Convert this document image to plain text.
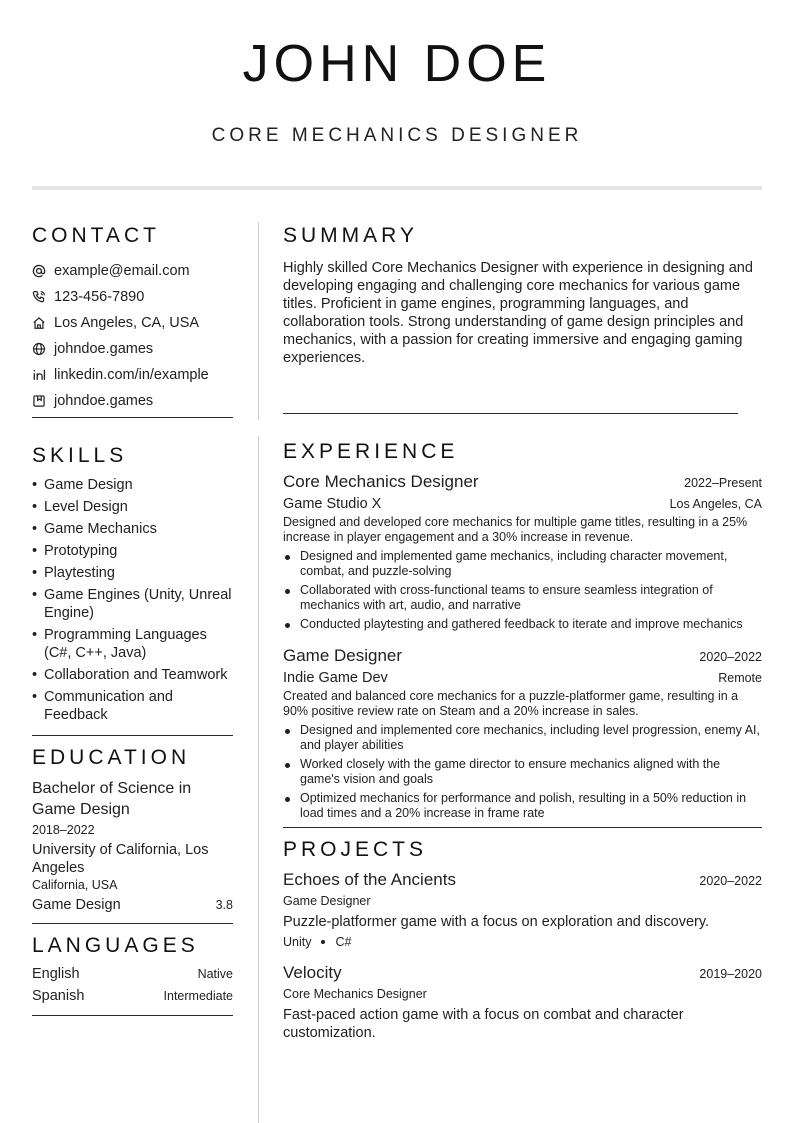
JOHN DOE
CORE MECHANICS DESIGNER
CONTACT
example@email.com
123-456-7890
Los Angeles, CA, USA
johndoe.games
linkedin.com/in/example
johndoe.games
SKILLS
• Game Design
• Level Design
• Game Mechanics
• Prototyping
• Playtesting
• Game Engines (Unity, Unreal Engine)
• Programming Languages (C#, C++, Java)
• Collaboration and Teamwork
• Communication and Feedback
EDUCATION
Bachelor of Science in Game Design
2018–2022
University of California, Los Angeles
California, USA
Game Design	3.8
LANGUAGES
English	Native
Spanish	Intermediate
SUMMARY
Highly skilled Core Mechanics Designer with experience in designing and developing engaging and challenging core mechanics for various game titles. Proficient in game engines, programming languages, and collaboration tools. Strong understanding of game design principles and mechanics, with a passion for creating immersive and engaging gaming experiences.
EXPERIENCE
Core Mechanics Designer	2022–Present
Game Studio X	Los Angeles, CA
Designed and developed core mechanics for multiple game titles, resulting in a 25% increase in player engagement and a 30% increase in revenue.
Designed and implemented game mechanics, including character movement, combat, and puzzle-solving
Collaborated with cross-functional teams to ensure seamless integration of mechanics with art, audio, and narrative
Conducted playtesting and gathered feedback to iterate and improve mechanics
Game Designer	2020–2022
Indie Game Dev	Remote
Created and balanced core mechanics for a puzzle-platformer game, resulting in a 90% positive review rate on Steam and a 20% increase in sales.
Designed and implemented core mechanics, including level progression, enemy AI, and player abilities
Worked closely with the game director to ensure mechanics aligned with the game's vision and goals
Optimized mechanics for performance and polish, resulting in a 50% reduction in load times and a 20% increase in frame rate
PROJECTS
Echoes of the Ancients	2020–2022
Game Designer
Puzzle-platformer game with a focus on exploration and discovery.
Unity C#
Velocity	2019–2020
Core Mechanics Designer
Fast-paced action game with a focus on combat and character customization.
